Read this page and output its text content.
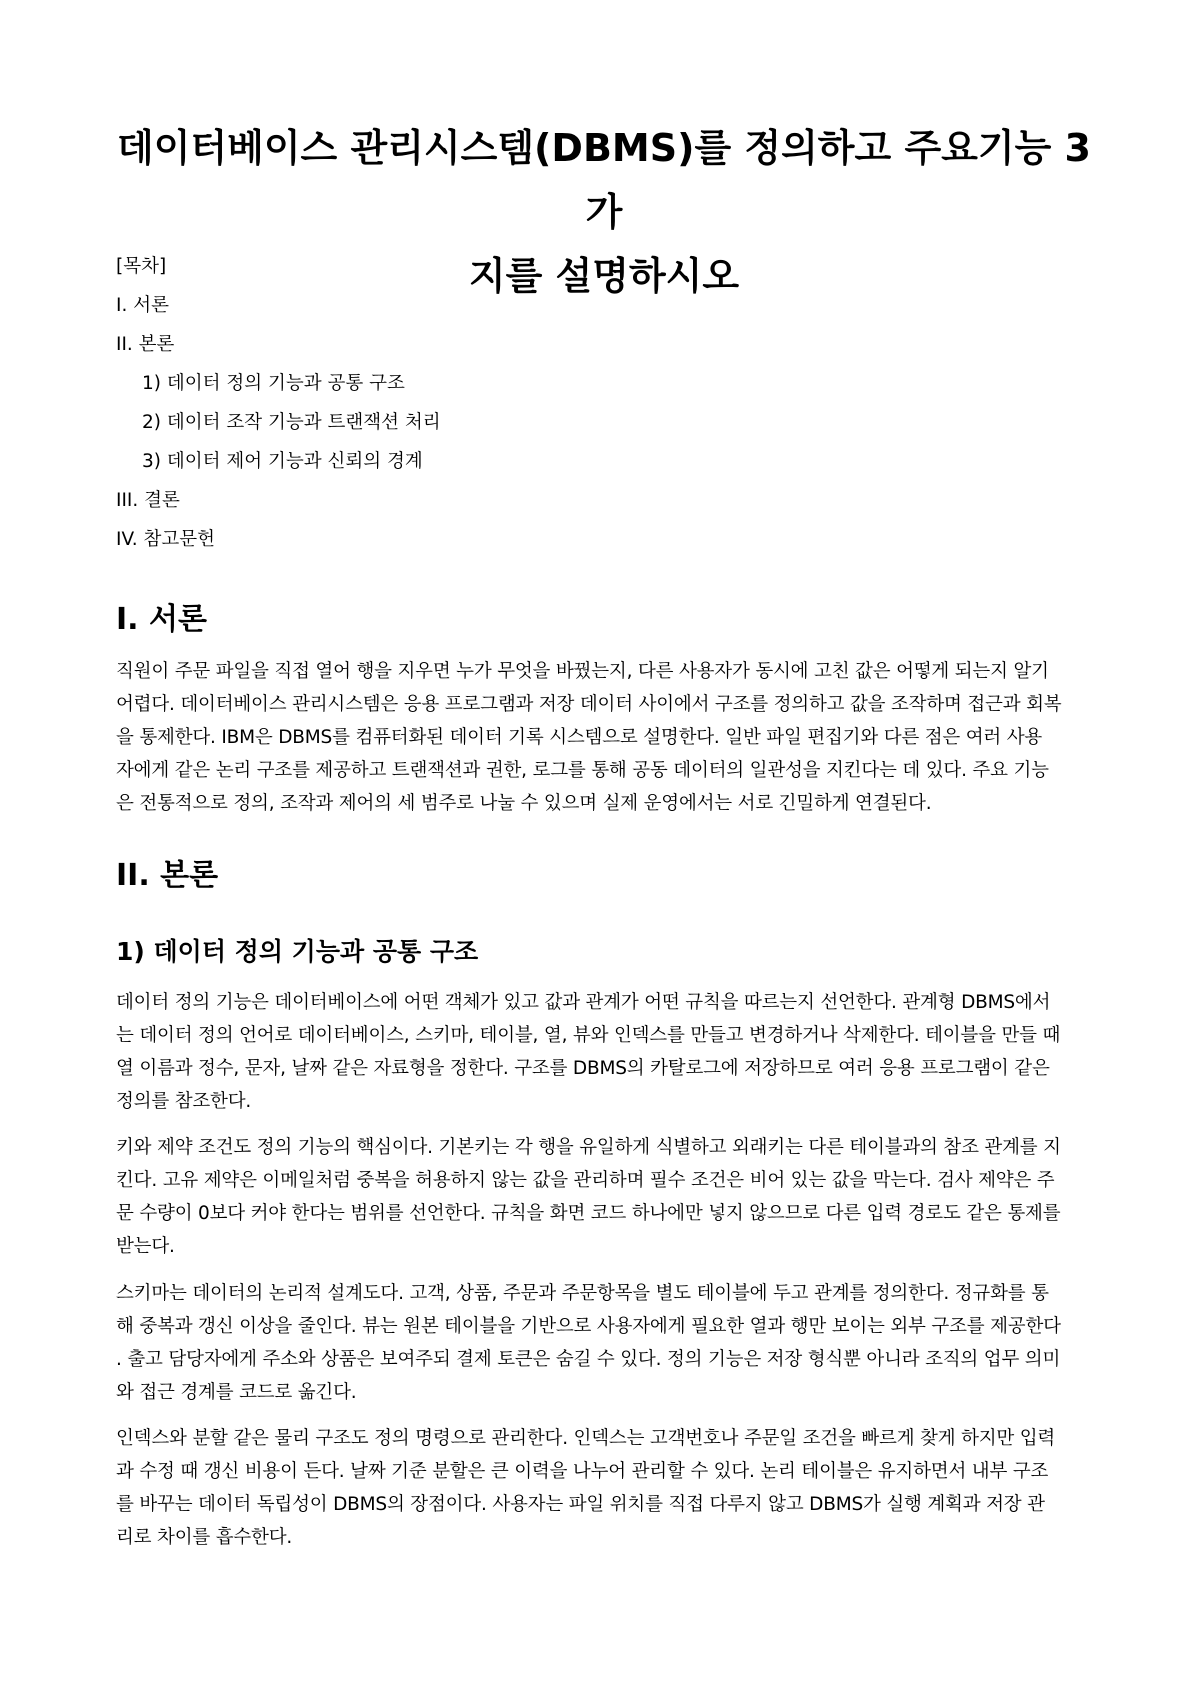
데이터베이스 관리시스템(DBMS)를 정의하고 주요기능 3가
지를 설명하시오
[목차]
I. 서론
II. 본론
1) 데이터 정의 기능과 공통 구조
2) 데이터 조작 기능과 트랜잭션 처리
3) 데이터 제어 기능과 신뢰의 경계
III. 결론
IV. 참고문헌
I. 서론

직원이 주문 파일을 직접 열어 행을 지우면 누가 무엇을 바꿨는지, 다른 사용자가 동시에 고친 값은 어떻게 되는지 알기
어렵다. 데이터베이스 관리시스템은 응용 프로그램과 저장 데이터 사이에서 구조를 정의하고 값을 조작하며 접근과 회복
을 통제한다. IBM은 DBMS를 컴퓨터화된 데이터 기록 시스템으로 설명한다. 일반 파일 편집기와 다른 점은 여러 사용
자에게 같은 논리 구조를 제공하고 트랜잭션과 권한, 로그를 통해 공동 데이터의 일관성을 지킨다는 데 있다. 주요 기능
은 전통적으로 정의, 조작과 제어의 세 범주로 나눌 수 있으며 실제 운영에서는 서로 긴밀하게 연결된다.

II. 본론
1) 데이터 정의 기능과 공통 구조

데이터 정의 기능은 데이터베이스에 어떤 객체가 있고 값과 관계가 어떤 규칙을 따르는지 선언한다. 관계형 DBMS에서
는 데이터 정의 언어로 데이터베이스, 스키마, 테이블, 열, 뷰와 인덱스를 만들고 변경하거나 삭제한다. 테이블을 만들 때
열 이름과 정수, 문자, 날짜 같은 자료형을 정한다. 구조를 DBMS의 카탈로그에 저장하므로 여러 응용 프로그램이 같은
정의를 참조한다.

키와 제약 조건도 정의 기능의 핵심이다. 기본키는 각 행을 유일하게 식별하고 외래키는 다른 테이블과의 참조 관계를 지
킨다. 고유 제약은 이메일처럼 중복을 허용하지 않는 값을 관리하며 필수 조건은 비어 있는 값을 막는다. 검사 제약은 주
문 수량이 0보다 커야 한다는 범위를 선언한다. 규칙을 화면 코드 하나에만 넣지 않으므로 다른 입력 경로도 같은 통제를
받는다.

스키마는 데이터의 논리적 설계도다. 고객, 상품, 주문과 주문항목을 별도 테이블에 두고 관계를 정의한다. 정규화를 통
해 중복과 갱신 이상을 줄인다. 뷰는 원본 테이블을 기반으로 사용자에게 필요한 열과 행만 보이는 외부 구조를 제공한다
. 출고 담당자에게 주소와 상품은 보여주되 결제 토큰은 숨길 수 있다. 정의 기능은 저장 형식뿐 아니라 조직의 업무 의미
와 접근 경계를 코드로 옮긴다.

인덱스와 분할 같은 물리 구조도 정의 명령으로 관리한다. 인덱스는 고객번호나 주문일 조건을 빠르게 찾게 하지만 입력
과 수정 때 갱신 비용이 든다. 날짜 기준 분할은 큰 이력을 나누어 관리할 수 있다. 논리 테이블은 유지하면서 내부 구조
를 바꾸는 데이터 독립성이 DBMS의 장점이다. 사용자는 파일 위치를 직접 다루지 않고 DBMS가 실행 계획과 저장 관
리로 차이를 흡수한다.
